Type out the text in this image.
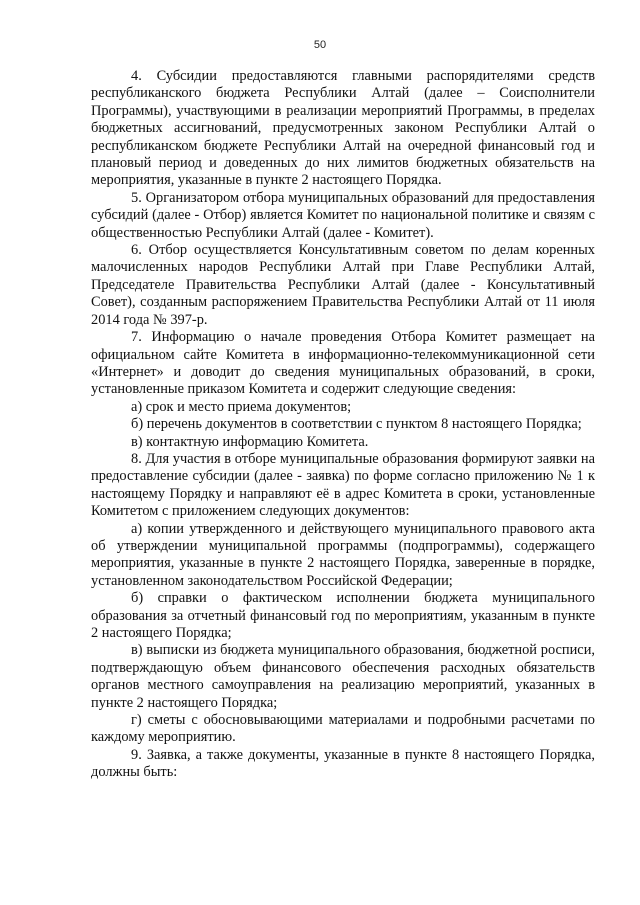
50

4. Субсидии предоставляются главными распорядителями средств республиканского бюджета Республики Алтай (далее – Соисполнители Программы), участвующими в реализации мероприятий Программы, в пределах бюджетных ассигнований, предусмотренных законом Республики Алтай о республиканском бюджете Республики Алтай на очередной финансовый год и плановый период и доведенных до них лимитов бюджетных обязательств на мероприятия, указанные в пункте 2 настоящего Порядка.

5. Организатором отбора муниципальных образований для предоставления субсидий (далее - Отбор) является Комитет по национальной политике и связям с общественностью Республики Алтай (далее - Комитет).

6. Отбор осуществляется Консультативным советом по делам коренных малочисленных народов Республики Алтай при Главе Республики Алтай, Председателе Правительства Республики Алтай (далее - Консультативный Совет), созданным распоряжением Правительства Республики Алтай от 11 июля 2014 года № 397-р.

7. Информацию о начале проведения Отбора Комитет размещает на официальном сайте Комитета в информационно-телекоммуникационной сети «Интернет» и доводит до сведения муниципальных образований, в сроки, установленные приказом Комитета и содержит следующие сведения:

а) срок и место приема документов;

б) перечень документов в соответствии с пунктом 8 настоящего Порядка;

в) контактную информацию Комитета.

8. Для участия в отборе муниципальные образования формируют заявки на предоставление субсидии (далее - заявка) по форме согласно приложению № 1 к настоящему Порядку и направляют её в адрес Комитета в сроки, установленные Комитетом с приложением следующих документов:

а) копии утвержденного и действующего муниципального правового акта об утверждении муниципальной программы (подпрограммы), содержащего мероприятия, указанные в пункте 2 настоящего Порядка, заверенные в порядке, установленном законодательством Российской Федерации;

б) справки о фактическом исполнении бюджета муниципального образования за отчетный финансовый год по мероприятиям, указанным в пункте 2 настоящего Порядка;

в) выписки из бюджета муниципального образования, бюджетной росписи, подтверждающую объем финансового обеспечения расходных обязательств органов местного самоуправления на реализацию мероприятий, указанных в пункте 2 настоящего Порядка;

г) сметы с обосновывающими материалами и подробными расчетами по каждому мероприятию.

9. Заявка, а также документы, указанные в пункте 8 настоящего Порядка, должны быть:
